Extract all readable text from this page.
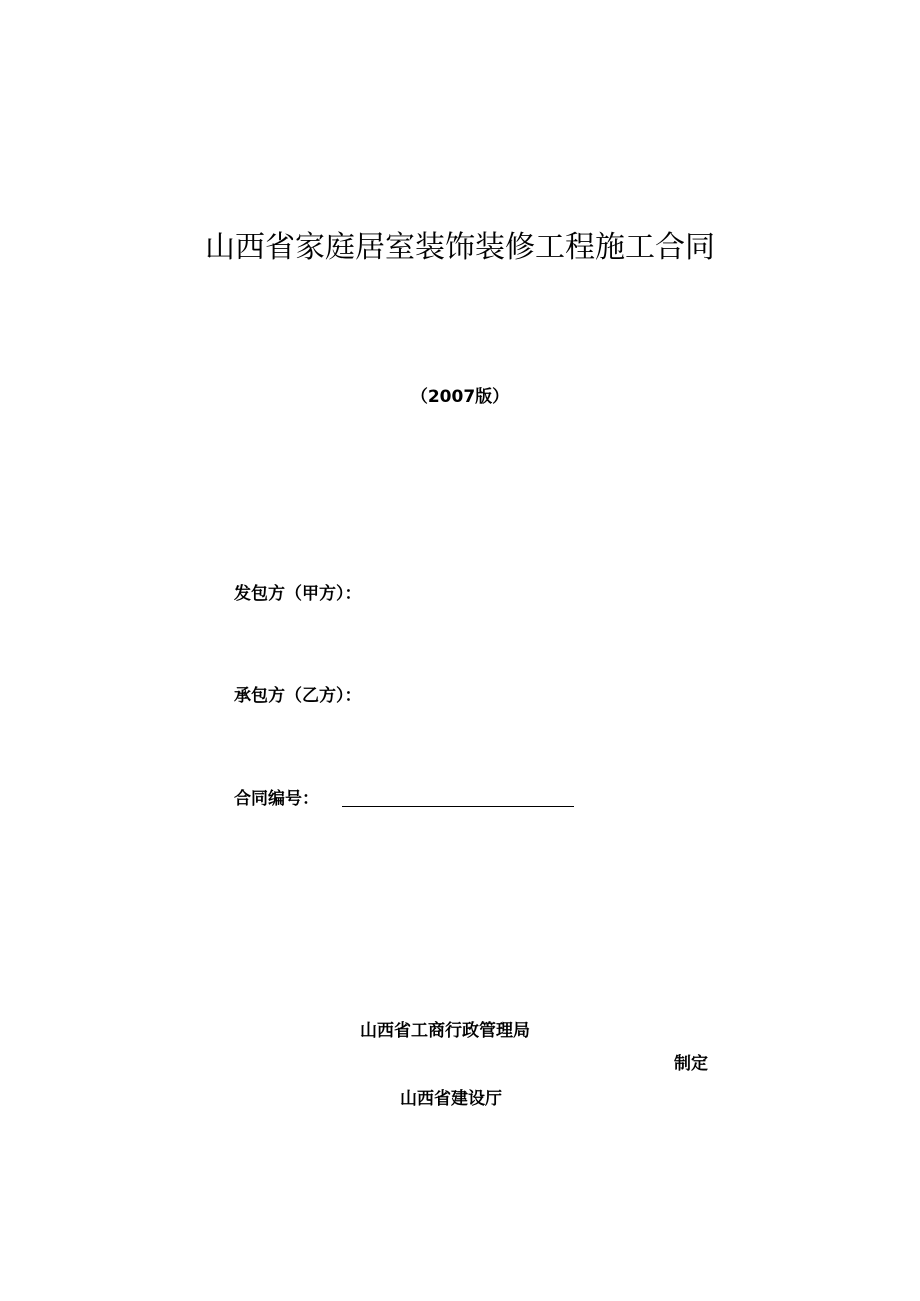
山西省家庭居室装饰装修工程施工合同
（2007版）
发包方（甲方）：
承包方（乙方）：
合同编号：
山西省工商行政管理局
制定
山西省建设厅
